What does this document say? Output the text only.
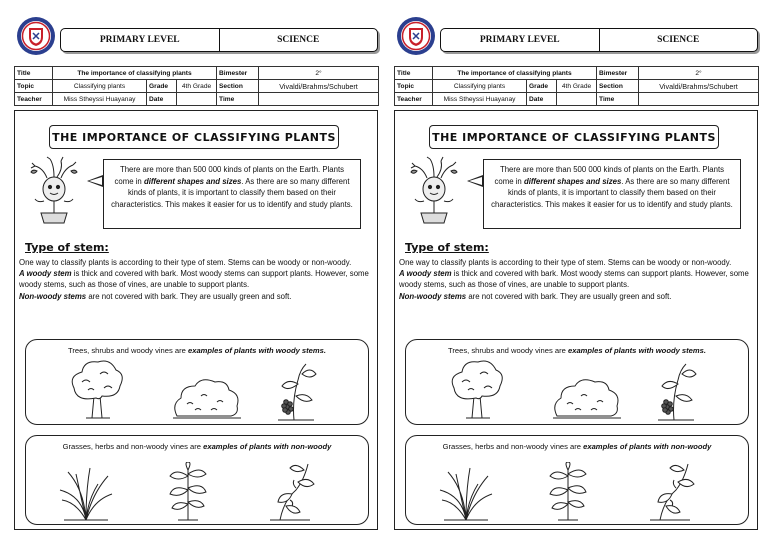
PRIMARY LEVEL	SCIENCE
Title	The importance of classifying plants			Bimester	2°
Topic	Classifying plants	Grade	4th Grade	Section	Vivaldi/Brahms/Schubert
Teacher	Miss Stheyssi Huayanay	Date		Time	
THE IMPORTANCE OF CLASSIFYING PLANTS
There are more than 500 000 kinds of plants on the Earth. Plants come in different shapes and sizes. As there are so many different kinds of plants, it is important to classify them based on their characteristics. This makes it easier for us to identify and study plants.
Type of stem:
One way to classify plants is according to their type of stem. Stems can be woody or non-woody.
A woody stem is thick and covered with bark. Most woody stems can support plants. However, some woody stems, such as those of vines, are unable to support plants.
Non-woody stems are not covered with bark. They are usually green and soft.
Trees, shrubs and woody vines are examples of plants with woody stems.
Grasses, herbs and non-woody vines are examples of plants with non-woody
PRIMARY LEVEL	SCIENCE
Title	The importance of classifying plants			Bimester	2°
Topic	Classifying plants	Grade	4th Grade	Section	Vivaldi/Brahms/Schubert
Teacher	Miss Stheyssi Huayanay	Date		Time	
THE IMPORTANCE OF CLASSIFYING PLANTS
There are more than 500 000 kinds of plants on the Earth. Plants come in different shapes and sizes. As there are so many different kinds of plants, it is important to classify them based on their characteristics. This makes it easier for us to identify and study plants.
Type of stem:
One way to classify plants is according to their type of stem. Stems can be woody or non-woody.
A woody stem is thick and covered with bark. Most woody stems can support plants. However, some woody stems, such as those of vines, are unable to support plants.
Non-woody stems are not covered with bark. They are usually green and soft.
Trees, shrubs and woody vines are examples of plants with woody stems.
Grasses, herbs and non-woody vines are examples of plants with non-woody
